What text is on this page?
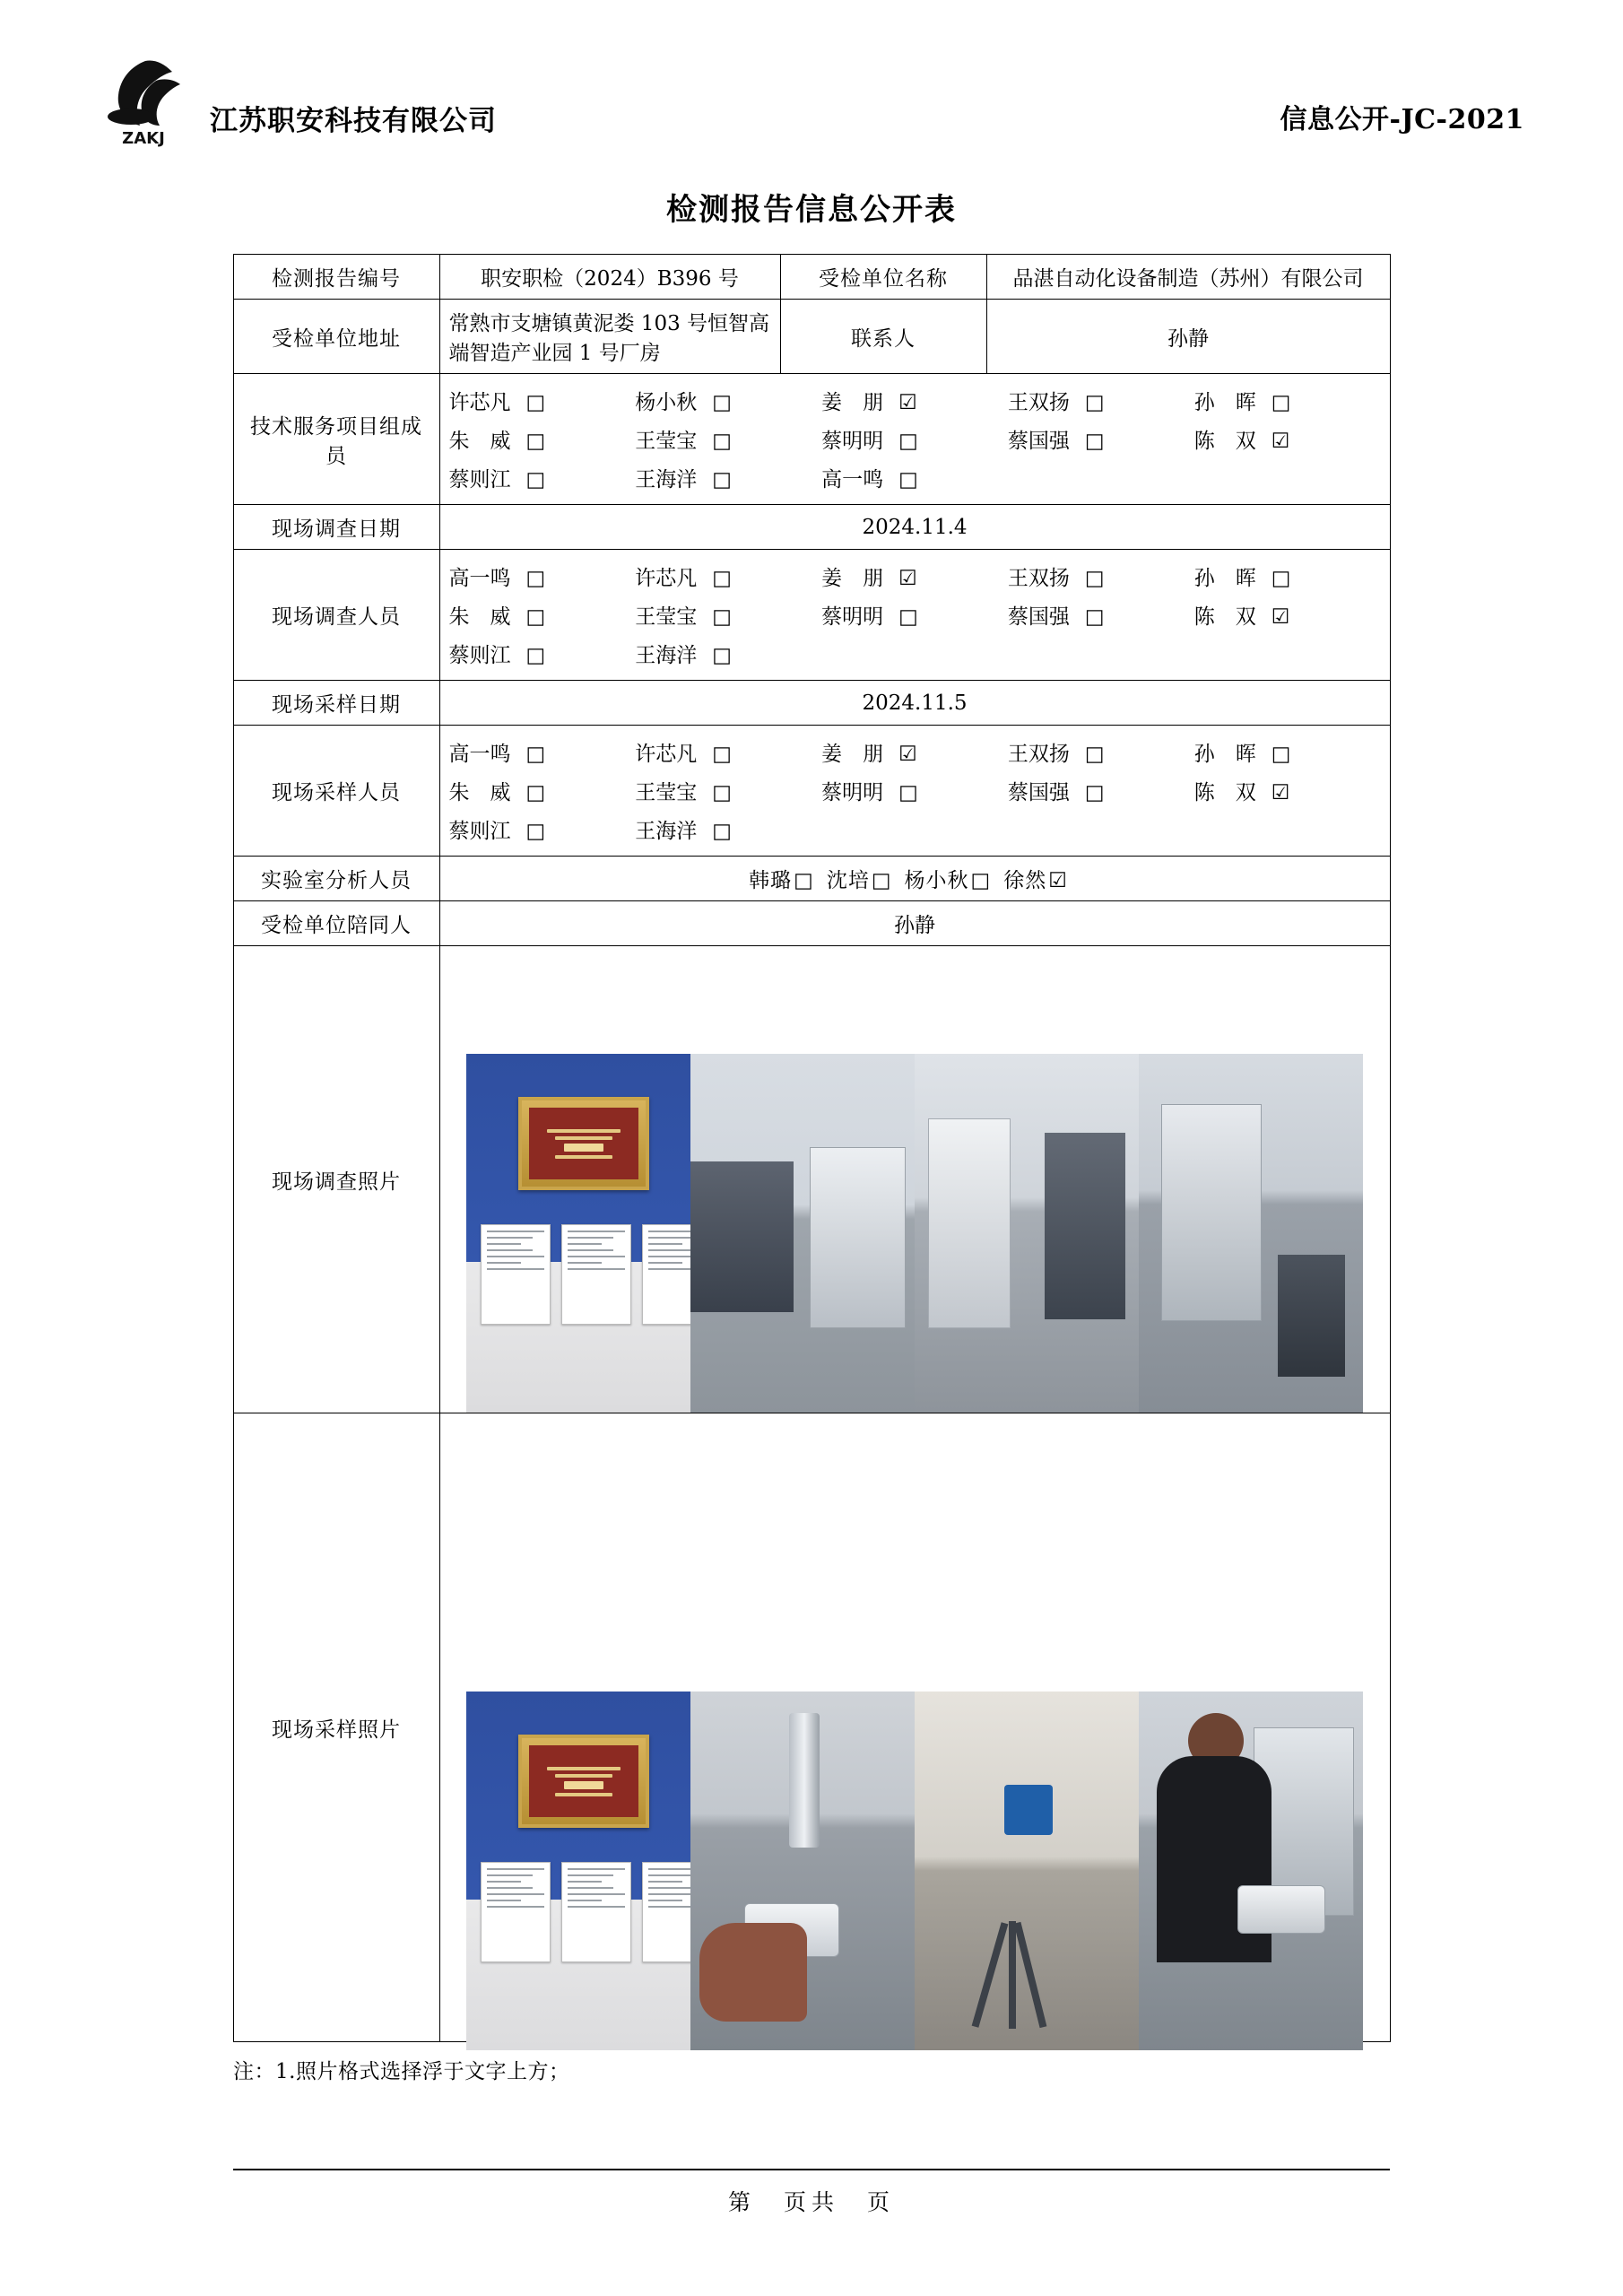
ZAKJ
江苏职安科技有限公司	信息公开-JC-2021
检测报告信息公开表
检测报告编号	职安职检（2024）B396 号	受检单位名称	品湛自动化设备制造（苏州）有限公司
受检单位地址	常熟市支塘镇黄泥娄 103 号恒智高端智造产业园 1 号厂房	联系人	孙静
技术服务项目组成员	
许芯凡 □	杨小秋 □	姜　朋 ☑	王双扬 □	孙　晖 □
朱　威 □	王莹宝 □	蔡明明 □	蔡国强 □	陈　双 ☑
蔡则江 □	王海洋 □	高一鸣 □

现场调查日期	2024.11.4		
现场调查人员	
高一鸣 □	许芯凡 □	姜　朋 ☑	王双扬 □	孙　晖 □
朱　威 □	王莹宝 □	蔡明明 □	蔡国强 □	陈　双 ☑
蔡则江 □	王海洋 □

现场采样日期	2024.11.5		
现场采样人员	
高一鸣 □	许芯凡 □	姜　朋 ☑	王双扬 □	孙　晖 □
朱　威 □	王莹宝 □	蔡明明 □	蔡国强 □	陈　双 ☑
蔡则江 □	王海洋 □

实验室分析人员	韩璐□ 沈培□ 杨小秋□ 徐然☑		
受检单位陪同人	孙静		
现场调查照片			

现场采样照片			
注：1.照片格式选择浮于文字上方；
第　页共　页
